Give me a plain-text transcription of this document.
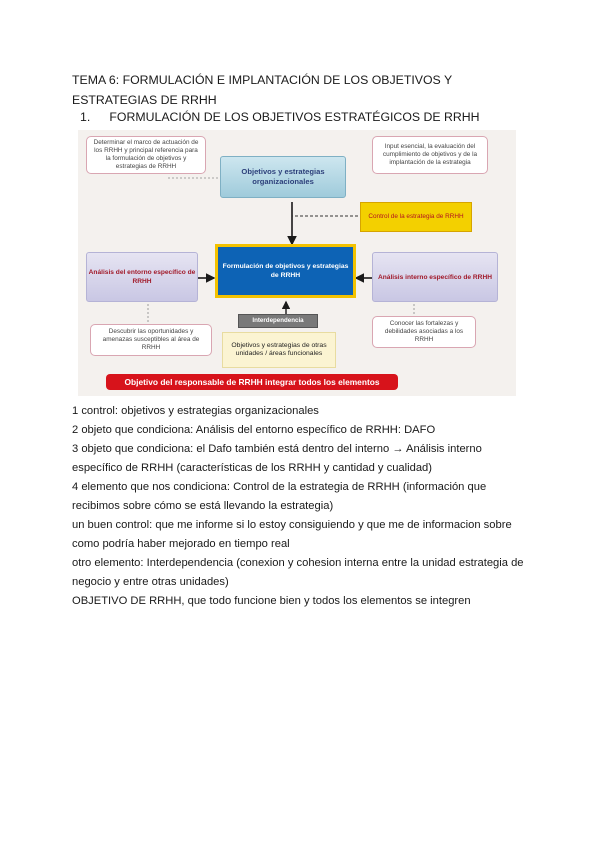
TEMA 6: FORMULACIÓN E IMPLANTACIÓN DE LOS OBJETIVOS Y ESTRATEGIAS DE RRHH
1. FORMULACIÓN DE LOS OBJETIVOS ESTRATÉGICOS DE RRHH
Determinar el marco de actuación de los RRHH y principal referencia para la formulación de objetivos y estrategias de RRHH
Input esencial, la evaluación del cumplimiento de objetivos y de la implantación de la estrategia
Objetivos y estrategias organizacionales
Control de la estrategia de RRHH
Análisis del entorno específico de RRHH
Formulación de objetivos y estrategias de RRHH	Análisis interno específico de RRHH
Descubrir las oportunidades y amenazas susceptibles al área de RRHH
Interdependencia
Objetivos y estrategias de otras unidades / áreas funcionales
Conocer las fortalezas y debilidades asociadas a los RRHH
Objetivo del responsable de RRHH integrar todos los elementos

1 control: objetivos y estrategias organizacionales

2 objeto que condiciona: Análisis del entorno específico de RRHH: DAFO

3 objeto que condiciona: el Dafo también está dentro del interno → Análisis interno específico de RRHH (características de los RRHH y cantidad y cualidad)

4 elemento que nos condiciona: Control de la estrategia de RRHH (información que recibimos sobre cómo se está llevando la estrategia)

un buen control: que me informe si lo estoy consiguiendo y que me de informacion sobre como podría haber mejorado en tiempo real

otro elemento: Interdependencia (conexion y cohesion interna entre la unidad estrategia de negocio y entre otras unidades)

OBJETIVO DE RRHH, que todo funcione bien y todos los elementos se integren
